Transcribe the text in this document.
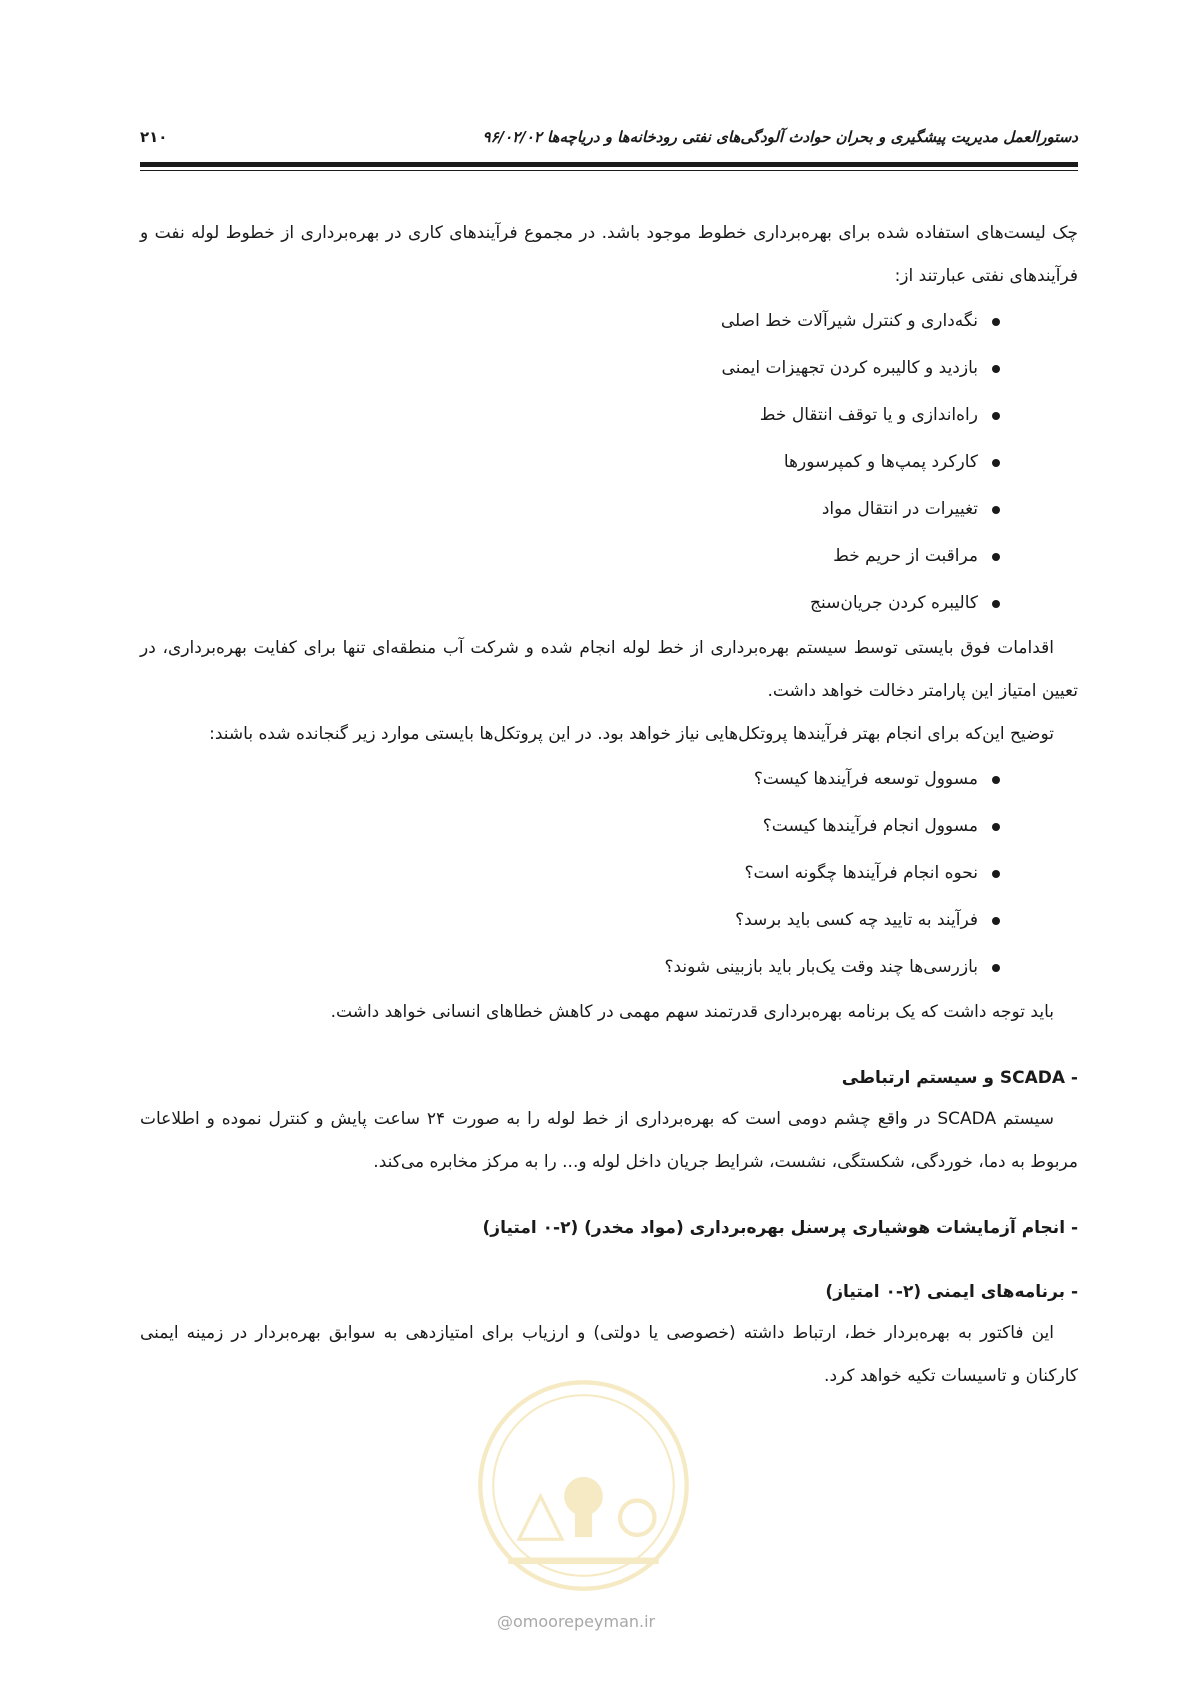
دستورالعمل مدیریت پیشگیری و بحران حوادث آلودگی‌های نفتی رودخانه‌ها و دریاچه‌ها ۹۶/۰۲/۰۲
۲۱۰

چک لیست‌های استفاده شده برای بهره‌برداری خطوط موجود باشد. در مجموع فرآیندهای کاری در بهره‌برداری از خطوط لوله نفت و فرآیندهای نفتی عبارتند از:

نگه‌داری و کنترل شیرآلات خط اصلی
بازدید و کالیبره کردن تجهیزات ایمنی
راه‌اندازی و یا توقف انتقال خط
کارکرد پمپ‌ها و کمپرسورها
تغییرات در انتقال مواد
مراقبت از حریم خط
کالیبره کردن جریان‌سنج

اقدامات فوق بایستی توسط سیستم بهره‌برداری از خط لوله انجام شده و شرکت آب منطقه‌ای تنها برای کفایت بهره‌برداری، در تعیین امتیاز این پارامتر دخالت خواهد داشت.

توضیح این‌که برای انجام بهتر فرآیندها پروتکل‌هایی نیاز خواهد بود. در این پروتکل‌ها بایستی موارد زیر گنجانده شده باشند:

مسوول توسعه فرآیندها کیست؟
مسوول انجام فرآیندها کیست؟
نحوه انجام فرآیندها چگونه است؟
فرآیند به تایید چه کسی باید برسد؟
بازرسی‌ها چند وقت یک‌بار باید بازبینی شوند؟

باید توجه داشت که یک برنامه بهره‌برداری قدرتمند سهم مهمی در کاهش خطاهای انسانی خواهد داشت.

- SCADA و سیستم ارتباطی

سیستم SCADA در واقع چشم دومی است که بهره‌برداری از خط لوله را به صورت ۲۴ ساعت پایش و کنترل نموده و اطلاعات مربوط به دما، خوردگی، شکستگی، نشست، شرایط جریان داخل لوله و... را به مرکز مخابره می‌کند.

- انجام آزمایشات هوشیاری پرسنل بهره‌برداری (مواد مخدر) (۲-۰ امتیاز)

- برنامه‌های ایمنی (۲-۰ امتیاز)

این فاکتور به بهره‌بردار خط، ارتباط داشته (خصوصی یا دولتی) و ارزیاب برای امتیازدهی به سوابق بهره‌بردار در زمینه ایمنی کارکنان و تاسیسات تکیه خواهد کرد.

@omoorepeyman.ir
